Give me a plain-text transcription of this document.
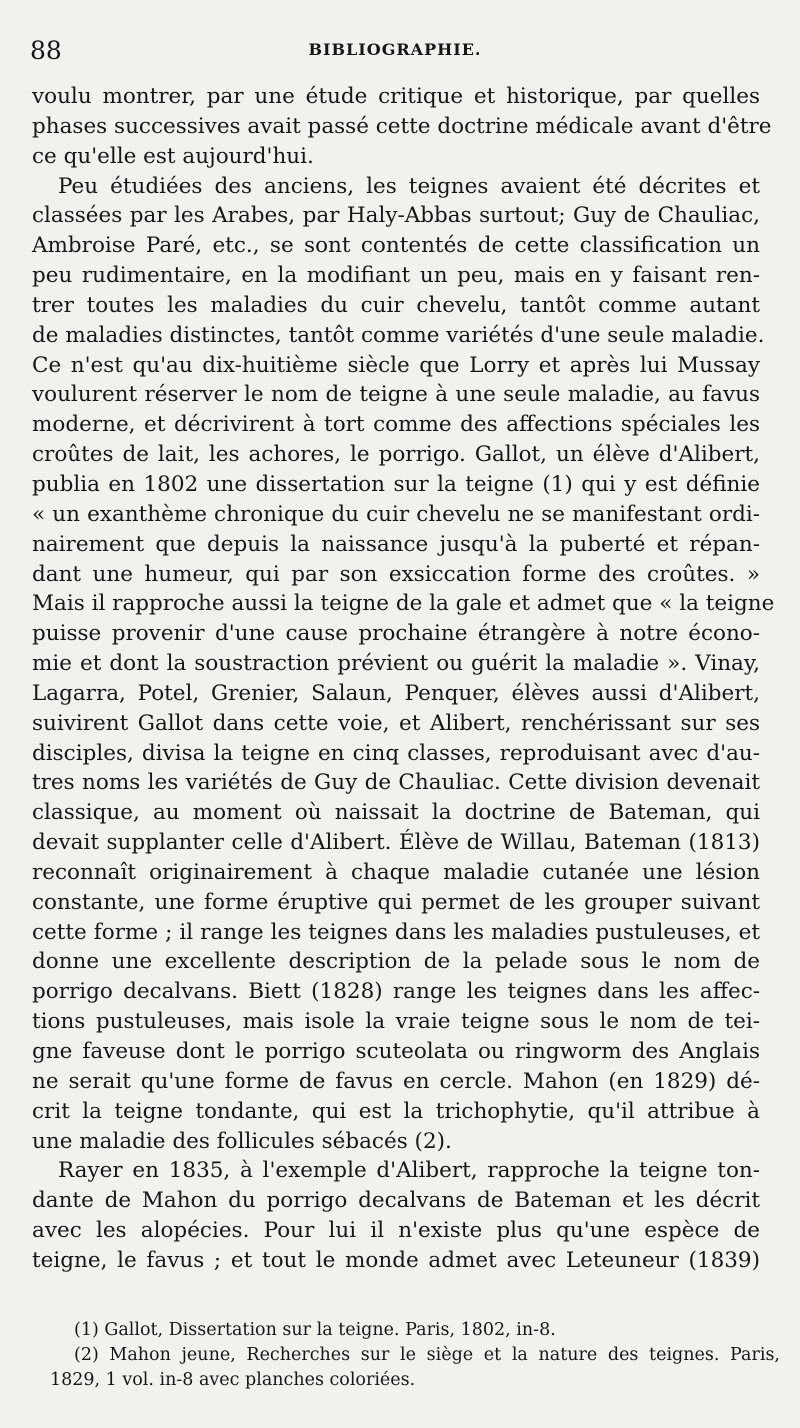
88	BIBLIOGRAPHIE.

voulu montrer, par une étude critique et historique, par quelles
phases successives avait passé cette doctrine médicale avant d'être
ce qu'elle est aujourd'hui.

Peu étudiées des anciens, les teignes avaient été décrites et
classées par les Arabes, par Haly-Abbas surtout; Guy de Chauliac,
Ambroise Paré, etc., se sont contentés de cette classification un
peu rudimentaire, en la modifiant un peu, mais en y faisant ren-
trer toutes les maladies du cuir chevelu, tantôt comme autant
de maladies distinctes, tantôt comme variétés d'une seule maladie.
Ce n'est qu'au dix-huitième siècle que Lorry et après lui Mussay
voulurent réserver le nom de teigne à une seule maladie, au favus
moderne, et décrivirent à tort comme des affections spéciales les
croûtes de lait, les achores, le porrigo. Gallot, un élève d'Alibert,
publia en 1802 une dissertation sur la teigne (1) qui y est définie
« un exanthème chronique du cuir chevelu ne se manifestant ordi-
nairement que depuis la naissance jusqu'à la puberté et répan-
dant une humeur, qui par son exsiccation forme des croûtes. »
Mais il rapproche aussi la teigne de la gale et admet que « la teigne
puisse provenir d'une cause prochaine étrangère à notre écono-
mie et dont la soustraction prévient ou guérit la maladie ». Vinay,
Lagarra, Potel, Grenier, Salaun, Penquer, élèves aussi d'Alibert,
suivirent Gallot dans cette voie, et Alibert, renchérissant sur ses
disciples, divisa la teigne en cinq classes, reproduisant avec d'au-
tres noms les variétés de Guy de Chauliac. Cette division devenait
classique, au moment où naissait la doctrine de Bateman, qui
devait supplanter celle d'Alibert. Élève de Willau, Bateman (1813)
reconnaît originairement à chaque maladie cutanée une lésion
constante, une forme éruptive qui permet de les grouper suivant
cette forme ; il range les teignes dans les maladies pustuleuses, et
donne une excellente description de la pelade sous le nom de
porrigo decalvans. Biett (1828) range les teignes dans les affec-
tions pustuleuses, mais isole la vraie teigne sous le nom de tei-
gne faveuse dont le porrigo scuteolata ou ringworm des Anglais
ne serait qu'une forme de favus en cercle. Mahon (en 1829) dé-
crit la teigne tondante, qui est la trichophytie, qu'il attribue à
une maladie des follicules sébacés (2).

Rayer en 1835, à l'exemple d'Alibert, rapproche la teigne ton-
dante de Mahon du porrigo decalvans de Bateman et les décrit
avec les alopécies. Pour lui il n'existe plus qu'une espèce de
teigne, le favus ; et tout le monde admet avec Leteuneur (1839)

(1) Gallot, Dissertation sur la teigne. Paris, 1802, in-8.
(2) Mahon jeune, Recherches sur le siège et la nature des teignes. Paris,
1829, 1 vol. in-8 avec planches coloriées.
